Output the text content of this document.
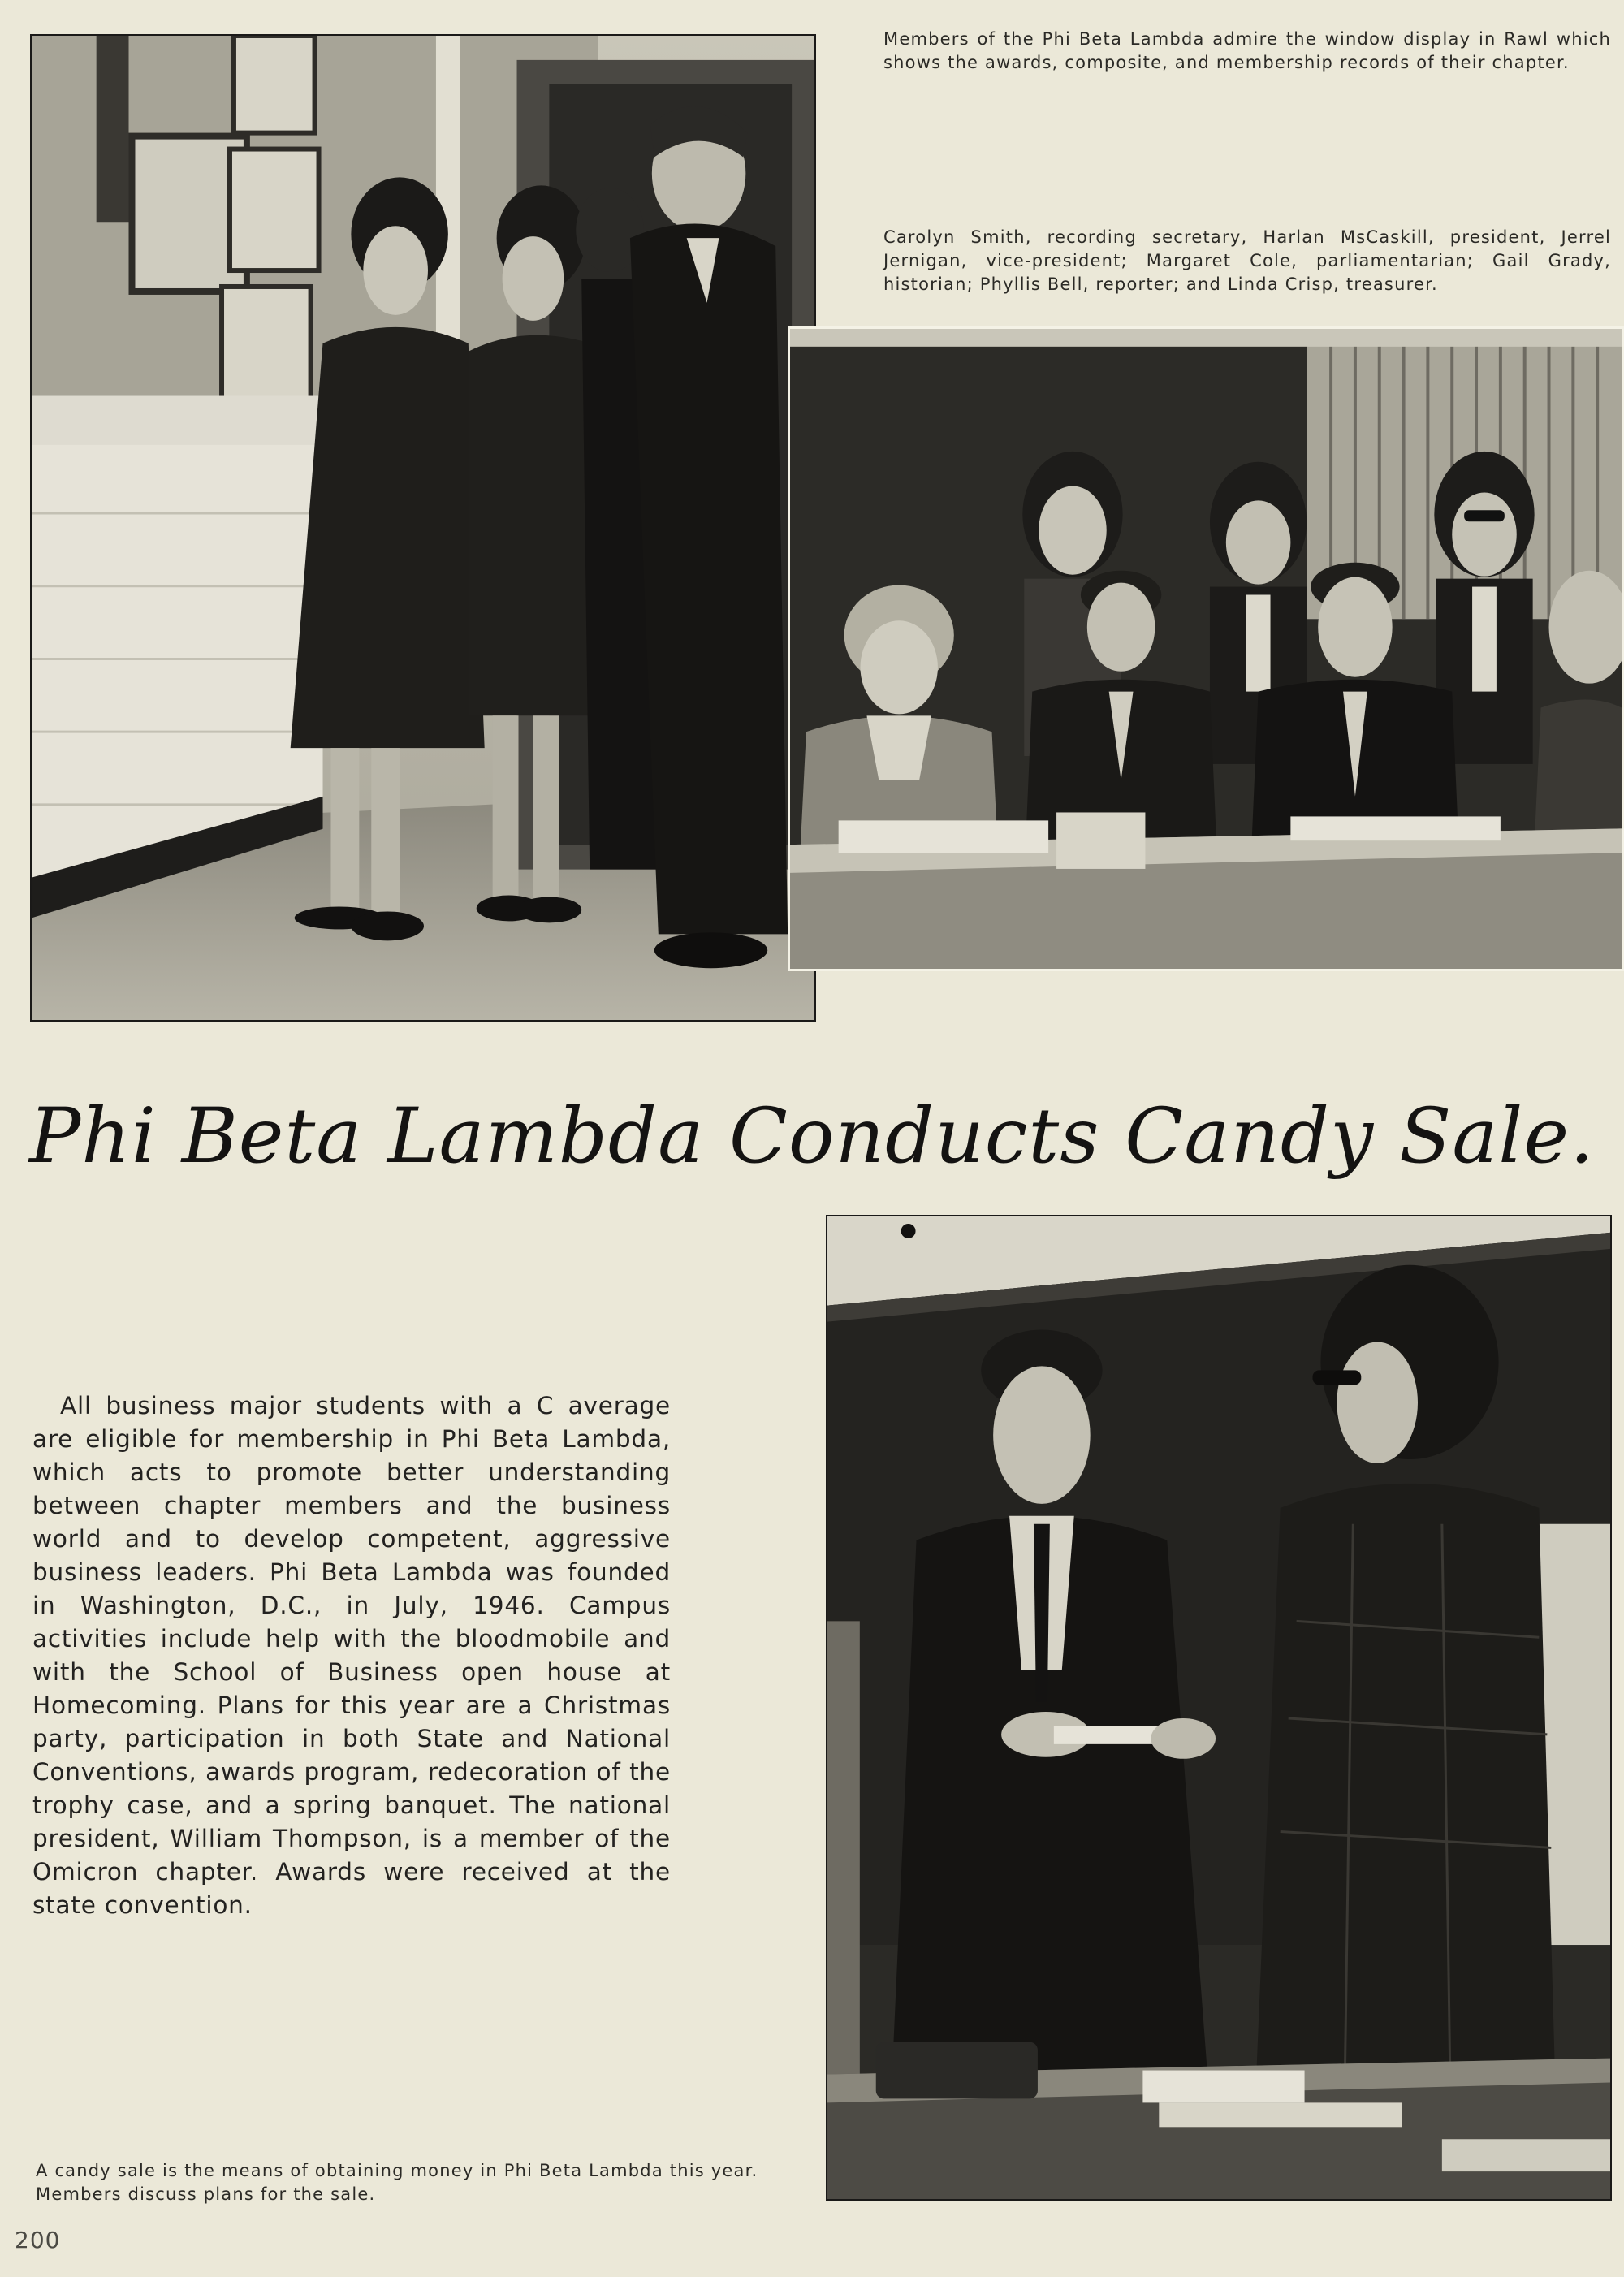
Members of the Phi Beta Lambda admire the window display in Rawl which shows the awards, composite, and membership records of their chapter.

Carolyn Smith, recording secretary, Harlan MsCaskill, president, Jerrel Jernigan, vice-president; Margaret Cole, parliamentarian; Gail Grady, historian; Phyllis Bell, reporter; and Linda Crisp, treasurer.

Phi Beta Lambda Conducts Candy Sale.

All business major students with a C average are eligible for membership in Phi Beta Lambda, which acts to promote better understanding between chapter members and the business world and to develop competent, aggressive business leaders. Phi Beta Lambda was founded in Washington, D.C., in July, 1946. Campus activities include help with the bloodmobile and with the School of Business open house at Homecoming. Plans for this year are a Christmas party, participation in both State and National Conventions, awards program, redecoration of the trophy case, and a spring banquet. The national president, William Thompson, is a member of the Omicron chapter. Awards were received at the state convention.

A candy sale is the means of obtaining money in Phi Beta Lambda this year. Members discuss plans for the sale.

200
